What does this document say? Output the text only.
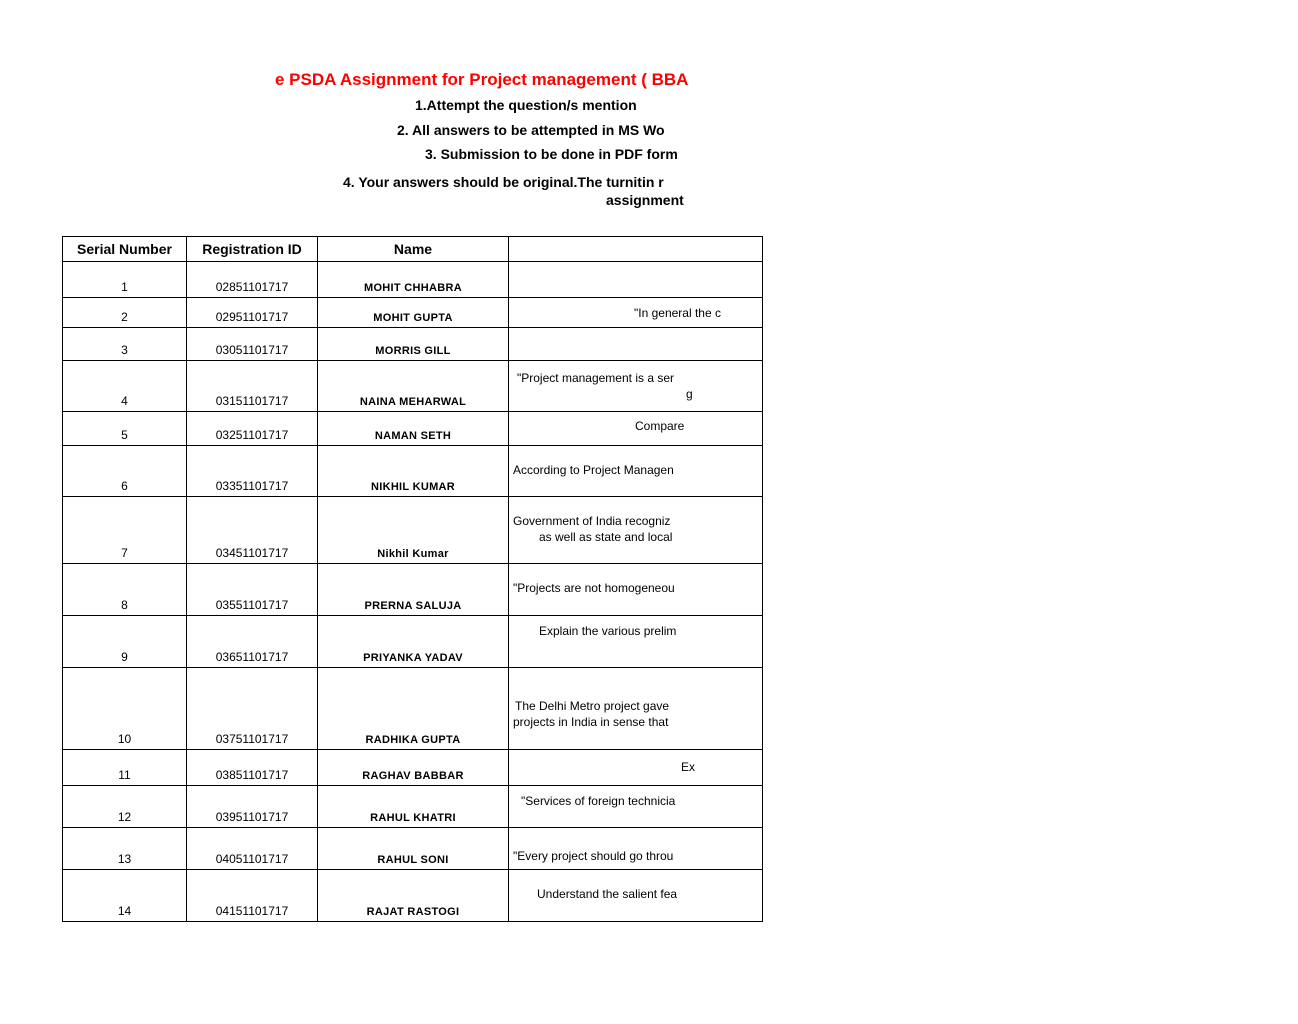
e PSDA Assignment for Project management ( BBA
1.Attempt the question/s mention
2. All answers to be attempted in MS Wo
3. Submission to be done in PDF form
4. Your answers should be original.The turnitin r
assignment
Serial Number	Registration ID	Name	
1	02851101717	MOHIT CHHABRA	

2	02951101717	MOHIT GUPTA	"In general the c

3	03051101717	MORRIS GILL	

4	03151101717	NAINA MEHARWAL	"Project management is a ser
g

5	03251101717	NAMAN SETH	Compare

6	03351101717	NIKHIL KUMAR	According to Project Managen

7	03451101717	Nikhil Kumar	Government of India recogniz
as well as state and local

8	03551101717	PRERNA SALUJA	"Projects are not homogeneou

9	03651101717	PRIYANKA YADAV	Explain the various prelim

10	03751101717	RADHIKA GUPTA	The Delhi Metro project gave
projects in India in sense that

11	03851101717	RAGHAV BABBAR	Ex

12	03951101717	RAHUL KHATRI	"Services of foreign technicia

13	04051101717	RAHUL SONI	"Every project should go throu

14	04151101717	RAJAT RASTOGI	Understand the salient fea
